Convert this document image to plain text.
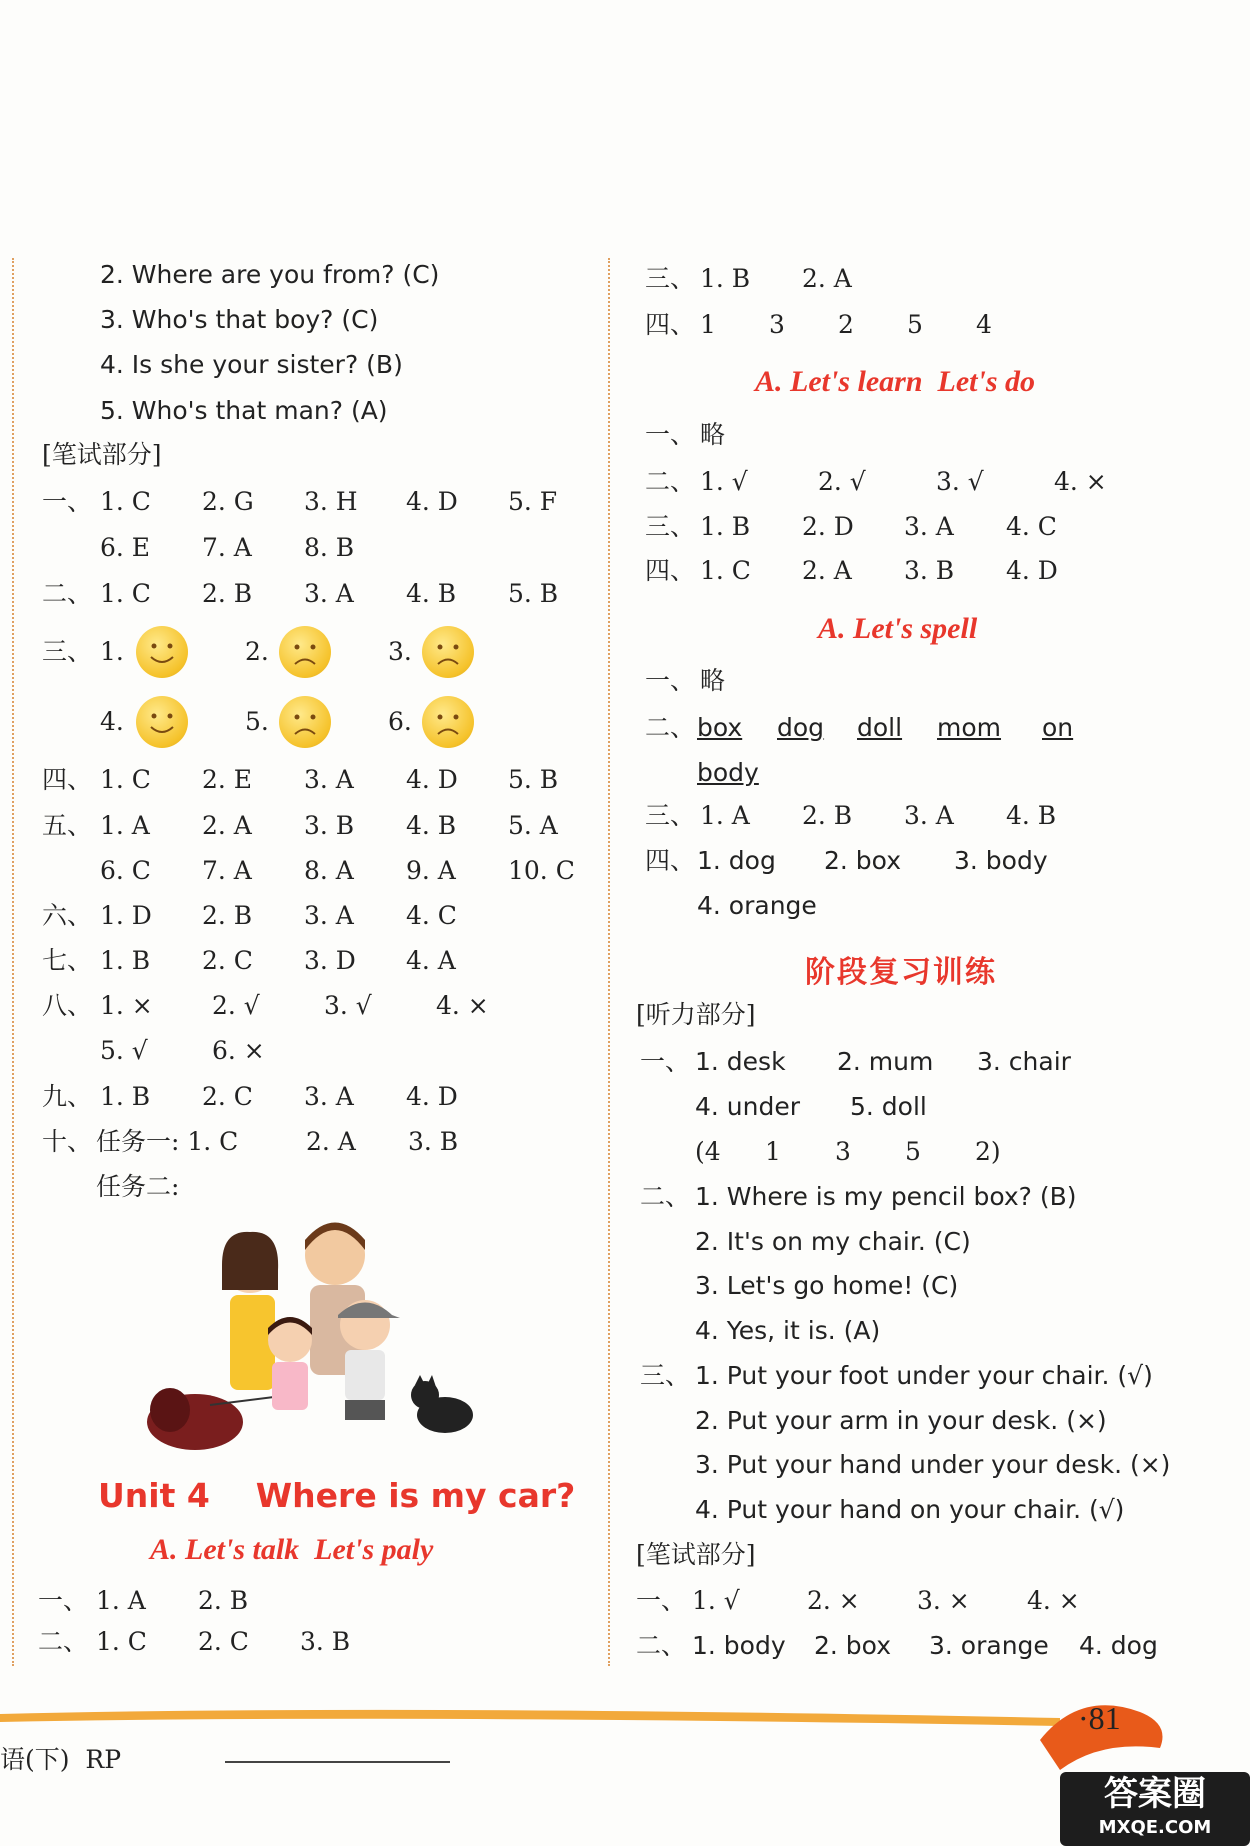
2. Where are you from? (C)
3. Who's that boy? (C)
4. Is she your sister? (B)
5. Who's that man? (A)
[笔试部分]
一、 1. C 2. G 3. H 4. D 5. F
6. E 7. A 8. B
二、 1. C 2. B 3. A 4. B 5. B
三、 1.	2.	3.
4.	5.	6.
四、 1. C 2. E 3. A 4. D 5. B
五、 1. A 2. A 3. B 4. B 5. A
6. C 7. A 8. A 9. A 10. C
六、 1. D 2. B 3. A 4. C
七、 1. B 2. C 3. D 4. A
八、 1. × 2. √	3. √	4. ×
5. √	6. ×
九、 1. B 2. C 3. A 4. D
十、 任务一: 1. C	2. A 3. B
任务二:
Unit 4    Where is my car?
A. Let's talk  Let's paly
一、 1. A 2. B
二、 1. C 2. C 3. B
三、 1. B 2. A
四、 1 3 2 5 4
A. Let's learn  Let's do
一、 略
二、 1. √	2. √	3. √	4. ×
三、 1. B 2. D 3. A 4. C
四、 1. C 2. A 3. B 4. D
A. Let's spell
一、 略
二、 box dog doll mom on
body
三、 1. A 2. B 3. A 4. B
四、 1. dog 2. box 3. body
4. orange
阶段复习训练
[听力部分]
一、 1. desk 2. mum 3. chair
4. under 5. doll
(4 1 3 5 2)
二、 1. Where is my pencil box? (B)
2. It's on my chair. (C)
3. Let's go home! (C)
4. Yes, it is. (A)
三、 1. Put your foot under your chair. (√)
2. Put your arm in your desk. (×)
3. Put your hand under your desk. (×)
4. Put your hand on your chair. (√)
[笔试部分]
一、 1. √	2. × 3. × 4. ×
二、 1. body 2. box 3. orange 4. dog
语(下)  RP
·81
答案圈
MXQE.COM
